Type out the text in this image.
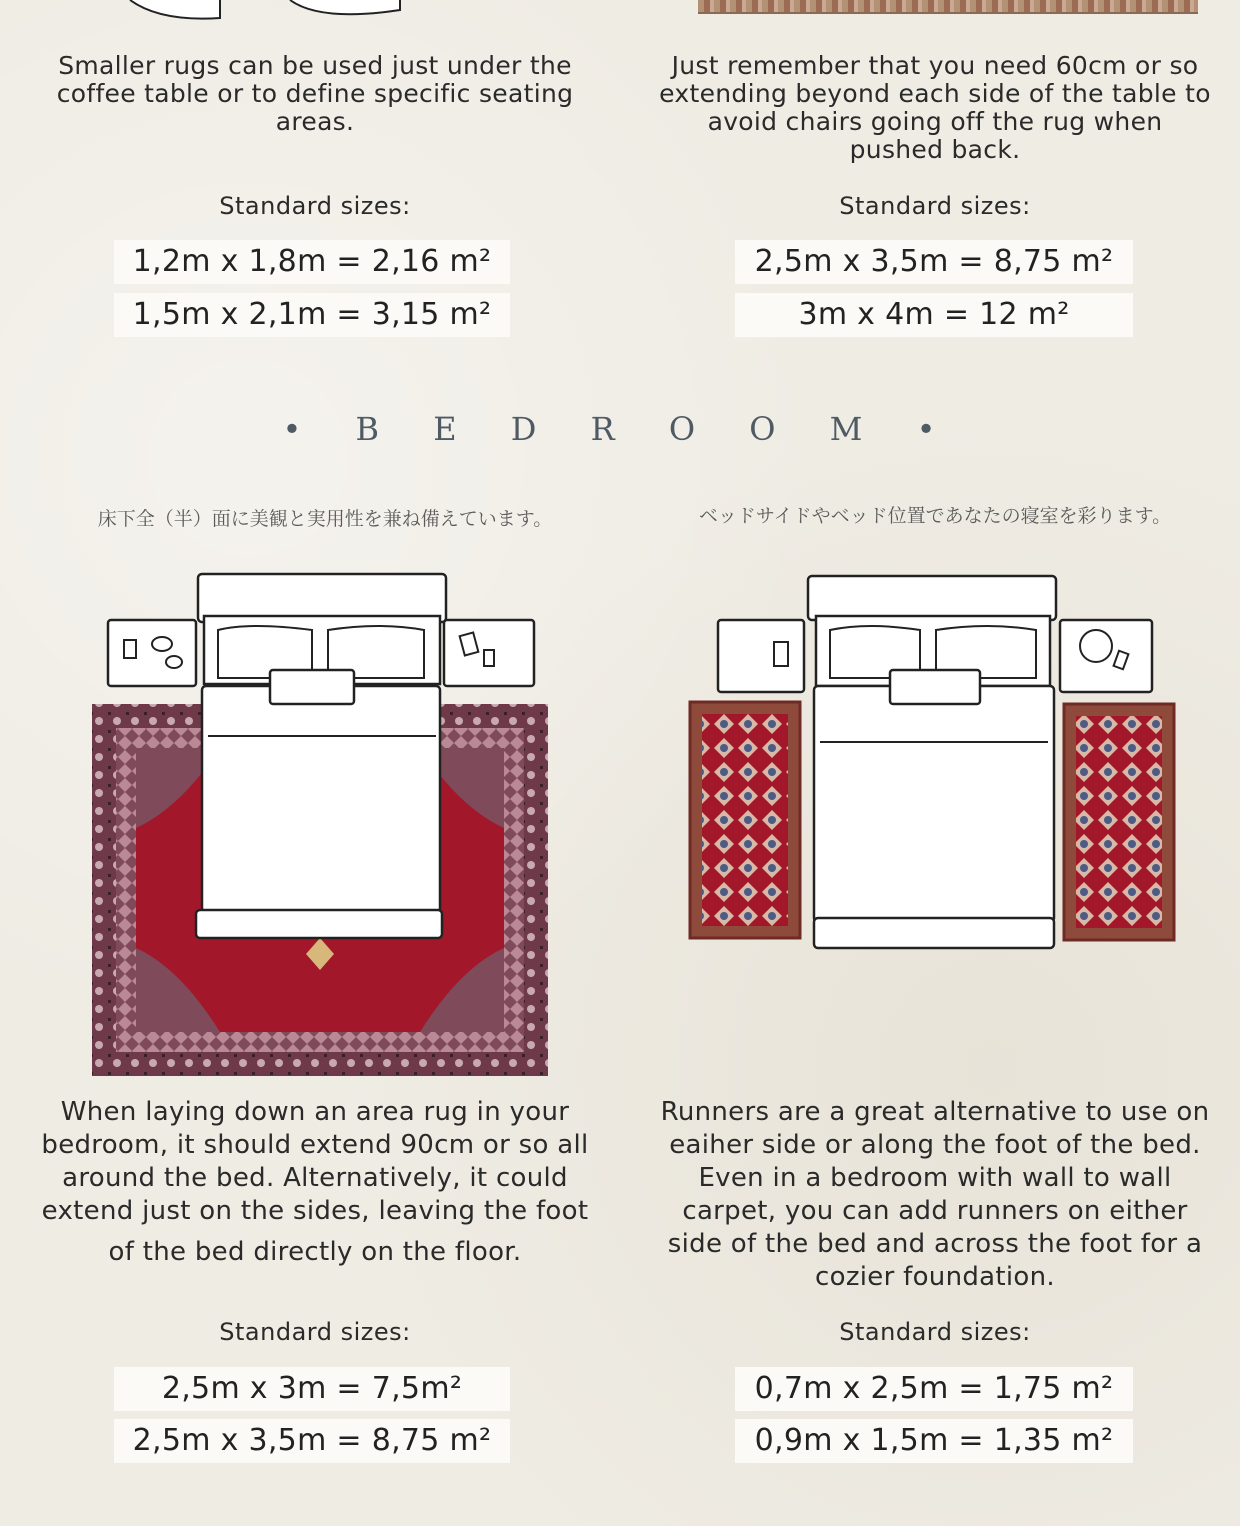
Smaller rugs can be used just under the
coffee table or to define specific seating
areas.
Standard sizes:
1,2m x 1,8m = 2,16 m²
1,5m x 2,1m = 3,15 m²
Just remember that you need 60cm or so
extending beyond each side of the table to
avoid chairs going off the rug when
pushed back.
Standard sizes:
2,5m x 3,5m = 8,75 m²
3m x 4m = 12 m²
• B E D R O O M •
床下全（半）面に美観と実用性を兼ね備えています。	ベッドサイドやベッド位置であなたの寝室を彩ります。
When laying down an area rug in your
bedroom, it should extend 90cm or so all
around the bed. Alternatively, it could
extend just on the sides, leaving the foot
of the bed directly on the floor.
Standard sizes:
2,5m x 3m = 7,5m²
2,5m x 3,5m = 8,75 m²
Runners are a great alternative to use on
eaiher side or along the foot of the bed.
Even in a bedroom with wall to wall
carpet, you can add runners on either
side of the bed and across the foot for a
cozier foundation.
Standard sizes:
0,7m x 2,5m = 1,75 m²
0,9m x 1,5m = 1,35 m²
